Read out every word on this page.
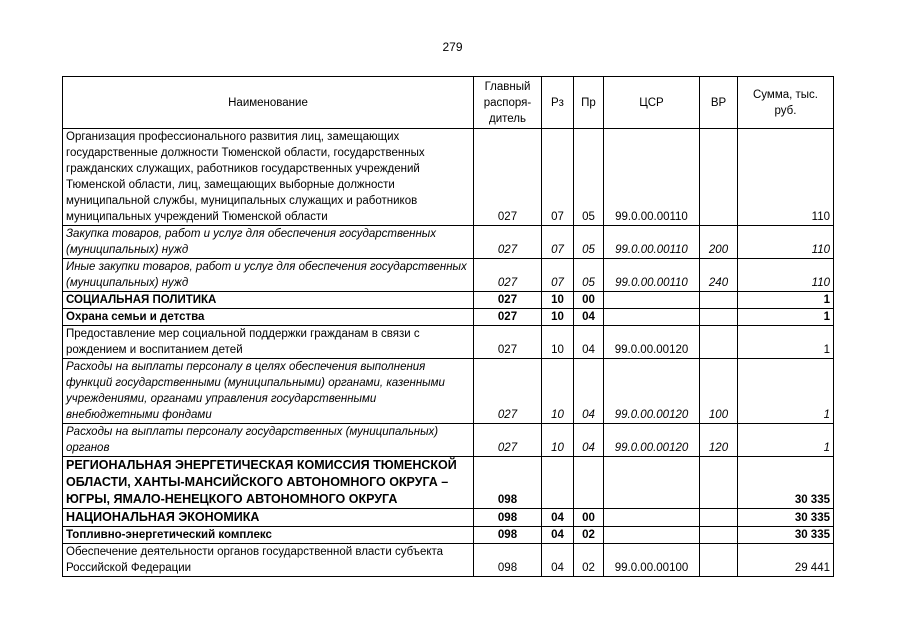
279
Наименование	Главный распоря-дитель	Рз	Пр	ЦСР	ВР	Сумма, тыс. руб.
Организация профессионального развития лиц, замещающих государственные должности Тюменской области, государственных гражданских служащих, работников государственных учреждений Тюменской области, лиц, замещающих выборные должности муниципальной службы, муниципальных служащих и работников муниципальных учреждений Тюменской области	027	07	05	99.0.00.00110		110
Закупка товаров, работ и услуг для обеспечения государственных (муниципальных) нужд	027	07	05	99.0.00.00110	200	110
Иные закупки товаров, работ и услуг для обеспечения государственных (муниципальных) нужд	027	07	05	99.0.00.00110	240	110
СОЦИАЛЬНАЯ ПОЛИТИКА	027	10	00			1
Охрана семьи и детства	027	10	04			1
Предоставление мер социальной поддержки гражданам в связи с рождением и воспитанием детей	027	10	04	99.0.00.00120		1
Расходы на выплаты персоналу в целях обеспечения выполнения функций государственными (муниципальными) органами, казенными учреждениями, органами управления государственными внебюджетными фондами	027	10	04	99.0.00.00120	100	1
Расходы на выплаты персоналу государственных (муниципальных) органов	027	10	04	99.0.00.00120	120	1
РЕГИОНАЛЬНАЯ ЭНЕРГЕТИЧЕСКАЯ КОМИССИЯ ТЮМЕНСКОЙ ОБЛАСТИ, ХАНТЫ-МАНСИЙСКОГО АВТОНОМНОГО ОКРУГА – ЮГРЫ, ЯМАЛО-НЕНЕЦКОГО АВТОНОМНОГО ОКРУГА	098					30 335
НАЦИОНАЛЬНАЯ ЭКОНОМИКА	098	04	00			30 335
Топливно-энергетический комплекс	098	04	02			30 335
Обеспечение деятельности органов государственной власти субъекта Российской Федерации	098	04	02	99.0.00.00100		29 441
